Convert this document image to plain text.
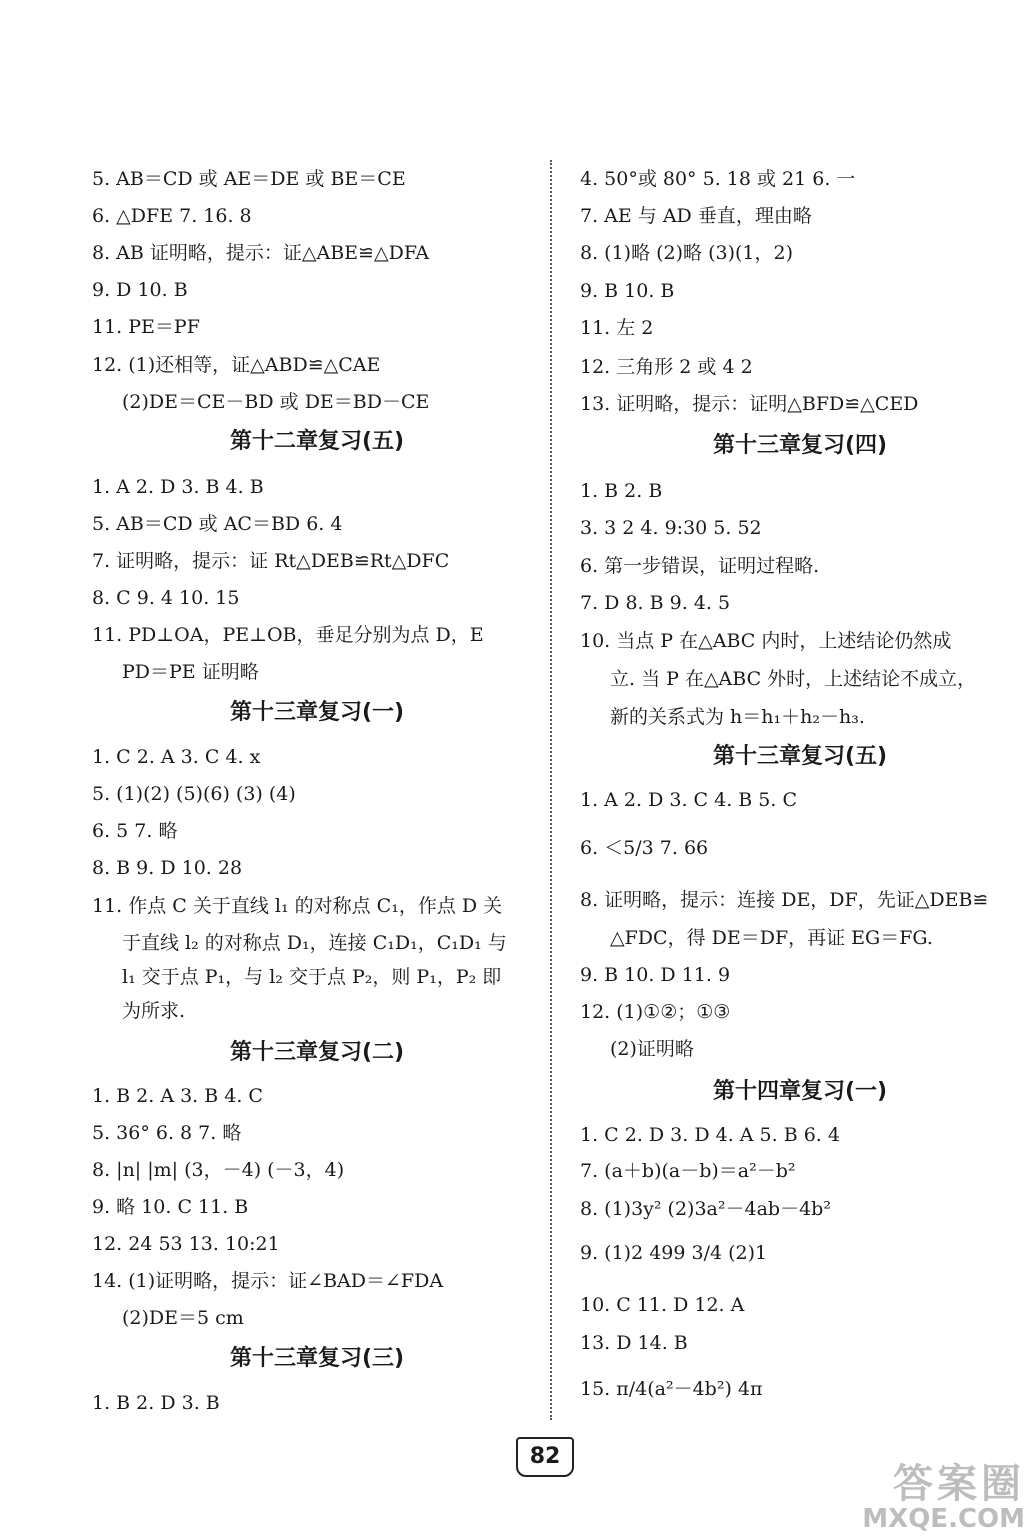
5. AB＝CD 或 AE＝DE 或 BE＝CE
6. △DFE 7. 16. 8
8. AB 证明略，提示：证△ABE≌△DFA
9. D 10. B
11. PE＝PF
12. (1)还相等，证△ABD≌△CAE
(2)DE＝CE－BD 或 DE＝BD－CE
第十二章复习(五)
1. A 2. D 3. B 4. B
5. AB＝CD 或 AC＝BD 6. 4
7. 证明略，提示：证 Rt△DEB≌Rt△DFC
8. C 9. 4 10. 15
11. PD⊥OA，PE⊥OB，垂足分别为点 D，E
PD＝PE 证明略
第十三章复习(一)
1. C 2. A 3. C 4. x
5. (1)(2) (5)(6) (3) (4)
6. 5 7. 略
8. B 9. D 10. 28
11. 作点 C 关于直线 l₁ 的对称点 C₁，作点 D 关
于直线 l₂ 的对称点 D₁，连接 C₁D₁，C₁D₁ 与
l₁ 交于点 P₁，与 l₂ 交于点 P₂，则 P₁，P₂ 即
为所求.
第十三章复习(二)
1. B 2. A 3. B 4. C
5. 36° 6. 8 7. 略
8. |n| |m| (3，－4) (－3，4)
9. 略 10. C 11. B
12. 24 53 13. 10:21
14. (1)证明略，提示：证∠BAD＝∠FDA
(2)DE＝5 cm
第十三章复习(三)
1. B 2. D 3. B
4. 50°或 80° 5. 18 或 21 6. 一
7. AE 与 AD 垂直，理由略
8. (1)略 (2)略 (3)(1，2)
9. B 10. B
11. 左 2
12. 三角形 2 或 4 2
13. 证明略，提示：证明△BFD≌△CED
第十三章复习(四)
1. B 2. B
3. 3 2 4. 9:30 5. 52
6. 第一步错误，证明过程略.
7. D 8. B 9. 4. 5
10. 当点 P 在△ABC 内时，上述结论仍然成
立. 当 P 在△ABC 外时，上述结论不成立，
新的关系式为 h＝h₁＋h₂－h₃.
第十三章复习(五)
1. A 2. D 3. C 4. B 5. C
6. ＜5/3 7. 66
8. 证明略，提示：连接 DE，DF，先证△DEB≌
△FDC，得 DE＝DF，再证 EG＝FG.
9. B 10. D 11. 9
12. (1)①②；①③
(2)证明略
第十四章复习(一)
1. C 2. D 3. D 4. A 5. B 6. 4
7. (a＋b)(a－b)＝a²－b²
8. (1)3y² (2)3a²－4ab－4b²
9. (1)2 499 3/4 (2)1
10. C 11. D 12. A
13. D 14. B
15. π/4(a²－4b²) 4π
82
答案圈
MXQE.COM
